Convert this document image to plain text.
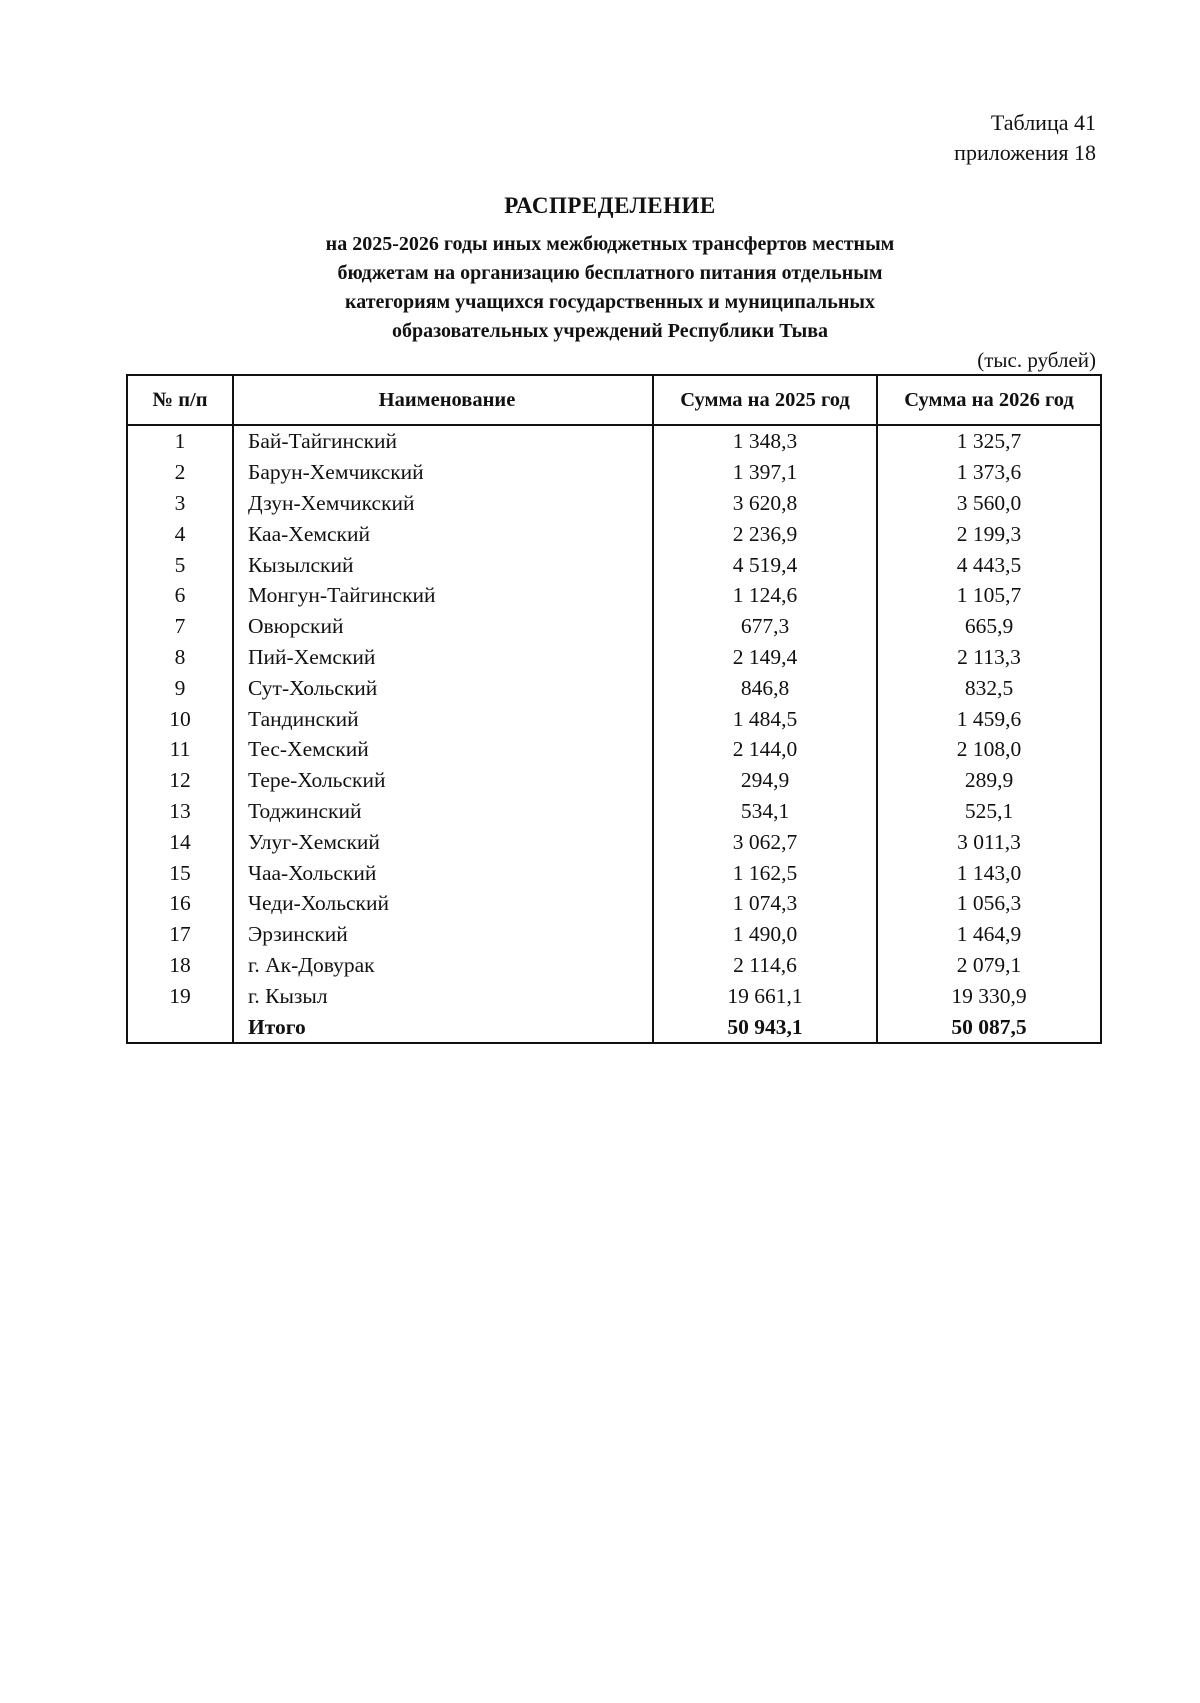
Таблица 41
приложения 18
РАСПРЕДЕЛЕНИЕ
на 2025-2026 годы иных межбюджетных трансфертов местным
бюджетам на организацию бесплатного питания отдельным
категориям учащихся государственных и муниципальных
образовательных учреждений Республики Тыва
(тыс. рублей)
№ п/п	Наименование	Сумма на 2025 год	Сумма на 2026 год
1	Бай-Тайгинский	1 348,3	1 325,7
2	Барун-Хемчикский	1 397,1	1 373,6
3	Дзун-Хемчикский	3 620,8	3 560,0
4	Каа-Хемский	2 236,9	2 199,3
5	Кызылский	4 519,4	4 443,5
6	Монгун-Тайгинский	1 124,6	1 105,7
7	Овюрский	677,3	665,9
8	Пий-Хемский	2 149,4	2 113,3
9	Сут-Хольский	846,8	832,5
10	Тандинский	1 484,5	1 459,6
11	Тес-Хемский	2 144,0	2 108,0
12	Тере-Хольский	294,9	289,9
13	Тоджинский	534,1	525,1
14	Улуг-Хемский	3 062,7	3 011,3
15	Чаа-Хольский	1 162,5	1 143,0
16	Чеди-Хольский	1 074,3	1 056,3
17	Эрзинский	1 490,0	1 464,9
18	г. Ак-Довурак	2 114,6	2 079,1
19	г. Кызыл	19 661,1	19 330,9
	Итого	50 943,1	50 087,5
